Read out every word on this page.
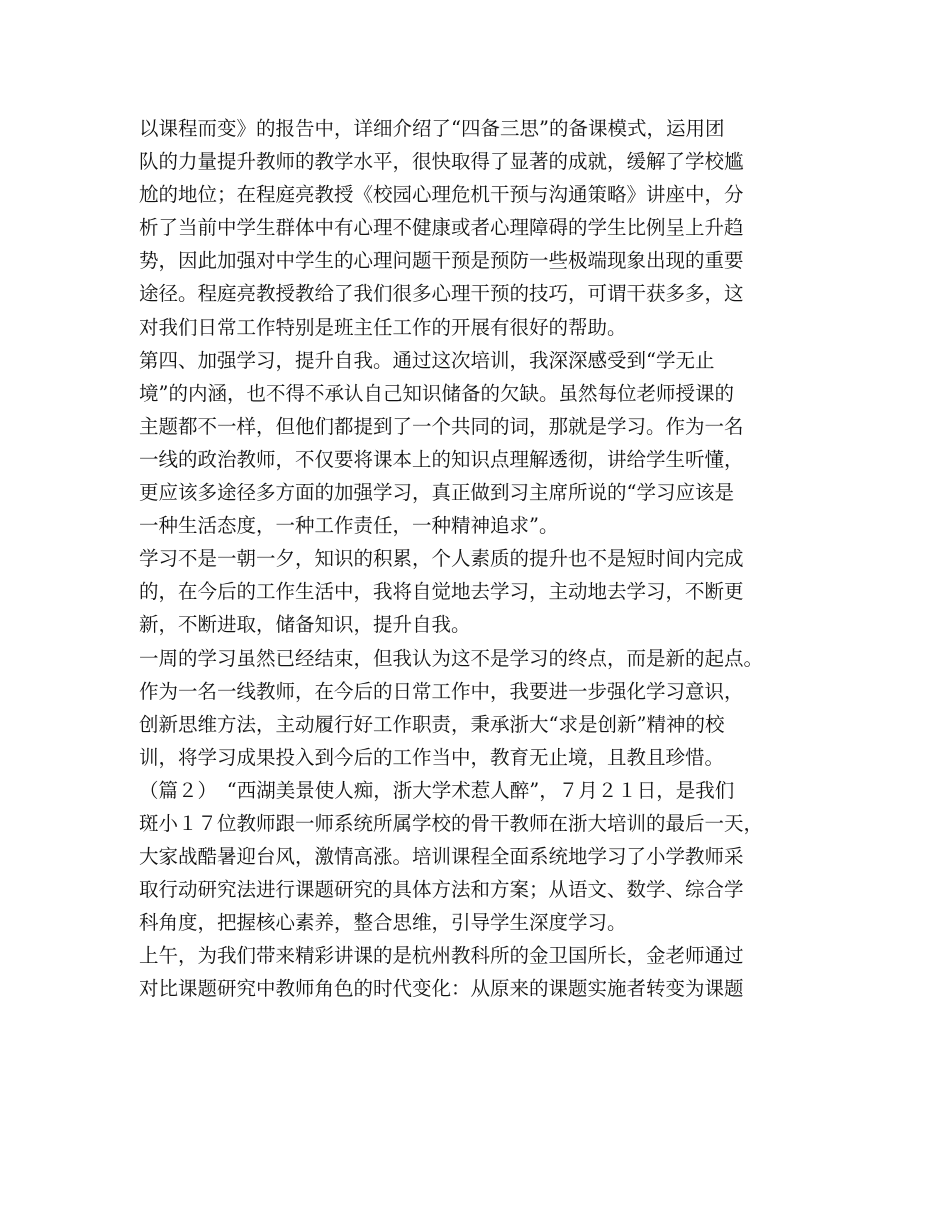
以课程而变》的报告中，详细介绍了“四备三思”的备课模式，运用团
队的力量提升教师的教学水平，很快取得了显著的成就，缓解了学校尴
尬的地位；在程庭亮教授《校园心理危机干预与沟通策略》讲座中，分
析了当前中学生群体中有心理不健康或者心理障碍的学生比例呈上升趋
势，因此加强对中学生的心理问题干预是预防一些极端现象出现的重要
途径。程庭亮教授教给了我们很多心理干预的技巧，可谓干获多多，这
对我们日常工作特别是班主任工作的开展有很好的帮助。
第四、加强学习，提升自我。通过这次培训，我深深感受到“学无止
境”的内涵，也不得不承认自己知识储备的欠缺。虽然每位老师授课的
主题都不一样，但他们都提到了一个共同的词，那就是学习。作为一名
一线的政治教师，不仅要将课本上的知识点理解透彻，讲给学生听懂，
更应该多途径多方面的加强学习，真正做到习主席所说的“学习应该是
一种生活态度，一种工作责任，一种精神追求”。
学习不是一朝一夕，知识的积累，个人素质的提升也不是短时间内完成
的，在今后的工作生活中，我将自觉地去学习，主动地去学习，不断更
新，不断进取，储备知识，提升自我。
一周的学习虽然已经结束，但我认为这不是学习的终点，而是新的起点。
作为一名一线教师，在今后的日常工作中，我要进一步强化学习意识，
创新思维方法，主动履行好工作职责，秉承浙大“求是创新”精神的校
训，将学习成果投入到今后的工作当中，教育无止境，且教且珍惜。
（篇２）　“西湖美景使人痴，浙大学术惹人醉”，７月２１日，是我们
斑小１７位教师跟一师系统所属学校的骨干教师在浙大培训的最后一天，
大家战酷暑迎台风，激情高涨。培训课程全面系统地学习了小学教师采
取行动研究法进行课题研究的具体方法和方案；从语文、数学、综合学
科角度，把握核心素养，整合思维，引导学生深度学习。
上午，为我们带来精彩讲课的是杭州教科所的金卫国所长，金老师通过
对比课题研究中教师角色的时代变化：从原来的课题实施者转变为课题
